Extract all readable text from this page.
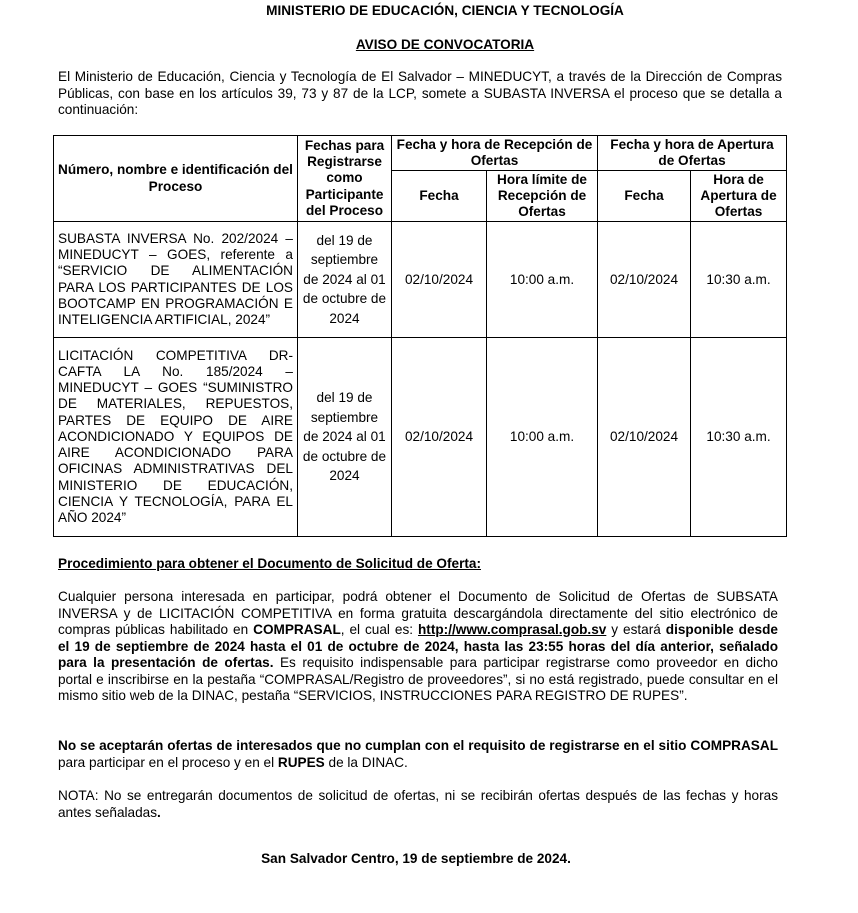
MINISTERIO DE EDUCACIÓN, CIENCIA Y TECNOLOGÍA
AVISO DE CONVOCATORIA
El Ministerio de Educación, Ciencia y Tecnología de El Salvador – MINEDUCYT, a través de la Dirección de Compras Públicas, con base en los artículos 39, 73 y 87 de la LCP, somete a SUBASTA INVERSA el proceso que se detalla a continuación:
Número, nombre e identificación del Proceso	Fechas para Registrarse como Participante del Proceso	Fecha y hora de Recepción de Ofertas		Fecha y hora de Apertura de Ofertas	
		Fecha	Hora límite de Recepción de Ofertas	Fecha	Hora de Apertura de Ofertas
SUBASTA INVERSA No. 202/2024 – MINEDUCYT – GOES, referente a “SERVICIO DE ALIMENTACIÓN PARA LOS PARTICIPANTES DE LOS BOOTCAMP EN PROGRAMACIÓN E INTELIGENCIA ARTIFICIAL, 2024”	del 19 de septiembre de 2024 al 01 de octubre de 2024	02/10/2024	10:00 a.m.	02/10/2024	10:30 a.m.
LICITACIÓN COMPETITIVA DR-CAFTA LA No. 185/2024 – MINEDUCYT – GOES “SUMINISTRO DE MATERIALES, REPUESTOS, PARTES DE EQUIPO DE AIRE ACONDICIONADO Y EQUIPOS DE AIRE ACONDICIONADO PARA OFICINAS ADMINISTRATIVAS DEL MINISTERIO DE EDUCACIÓN, CIENCIA Y TECNOLOGÍA, PARA EL AÑO 2024”	del 19 de septiembre de 2024 al 01 de octubre de 2024	02/10/2024	10:00 a.m.	02/10/2024	10:30 a.m.
Procedimiento para obtener el Documento de Solicitud de Oferta:
Cualquier persona interesada en participar, podrá obtener el Documento de Solicitud de Ofertas de SUBSATA INVERSA y de LICITACIÓN COMPETITIVA en forma gratuita descargándola directamente del sitio electrónico de compras públicas habilitado en COMPRASAL, el cual es: http://www.comprasal.gob.sv y estará disponible desde el 19 de septiembre de 2024 hasta el 01 de octubre de 2024, hasta las 23:55 horas del día anterior, señalado para la presentación de ofertas. Es requisito indispensable para participar registrarse como proveedor en dicho portal e inscribirse en la pestaña “COMPRASAL/Registro de proveedores”, si no está registrado, puede consultar en el mismo sitio web de la DINAC, pestaña “SERVICIOS, INSTRUCCIONES PARA REGISTRO DE RUPES”.
No se aceptarán ofertas de interesados que no cumplan con el requisito de registrarse en el sitio COMPRASAL para participar en el proceso y en el RUPES de la DINAC.
NOTA: No se entregarán documentos de solicitud de ofertas, ni se recibirán ofertas después de las fechas y horas antes señaladas.
San Salvador Centro, 19 de septiembre de 2024.
